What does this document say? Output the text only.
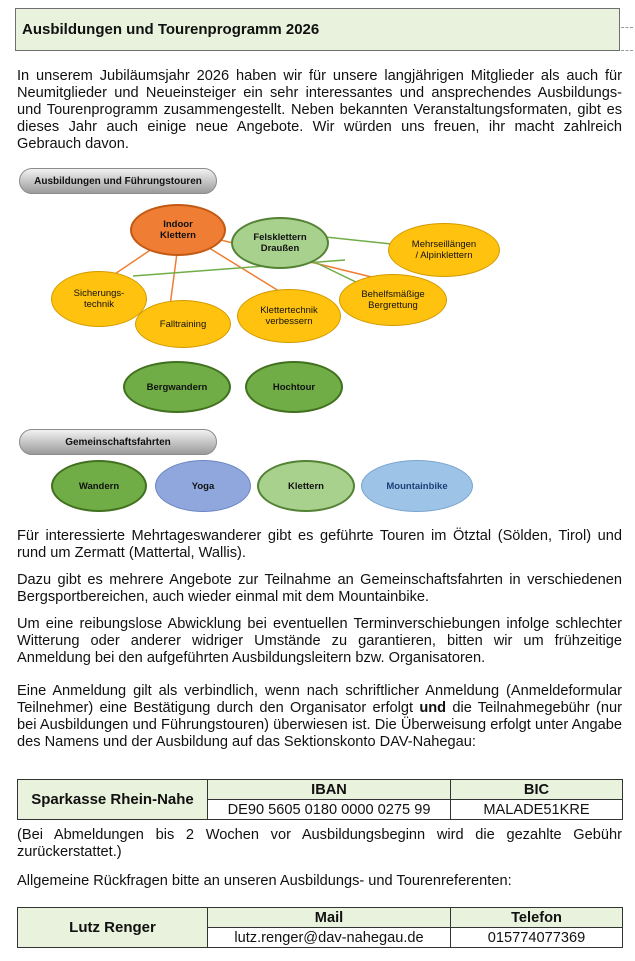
Ausbildungen und Tourenprogramm 2026

In unserem Jubiläumsjahr 2026 haben wir für unsere langjährigen Mitglieder als auch für Neumitglieder und Neueinsteiger ein sehr interessantes und ansprechendes Ausbildungs- und Tourenprogramm zusammengestellt. Neben bekannten Veranstaltungsformaten, gibt es dieses Jahr auch einige neue Angebote. Wir würden uns freuen, ihr macht zahlreich Gebrauch davon.

Ausbildungen und Führungstouren
Indoor
Klettern	Felsklettern
Draußen	Mehrseillängen
/ Alpinklettern
Sicherungs-
technik
Falltraining
Klettertechnik
verbessern
Behelfsmäßige
Bergrettung
Bergwandern	Hochtour
Gemeinschaftsfahrten
Wandern	Yoga	Klettern	Mountainbike

Für interessierte Mehrtageswanderer gibt es geführte Touren im Ötztal (Sölden, Tirol) und rund um Zermatt (Mattertal, Wallis).

Dazu gibt es mehrere Angebote zur Teilnahme an Gemeinschaftsfahrten in verschiedenen Bergsportbereichen, auch wieder einmal mit dem Mountainbike.

Um eine reibungslose Abwicklung bei eventuellen Terminverschiebungen infolge schlechter Witterung oder anderer widriger Umstände zu garantieren, bitten wir um frühzeitige Anmeldung bei den aufgeführten Ausbildungsleitern bzw. Organisatoren.

Eine Anmeldung gilt als verbindlich, wenn nach schriftlicher Anmeldung (Anmeldeformular Teilnehmer) eine Bestätigung durch den Organisator erfolgt und die Teilnahmegebühr (nur bei Ausbildungen und Führungstouren) überwiesen ist. Die Überweisung erfolgt unter Angabe des Namens und der Ausbildung auf das Sektionskonto DAV-Nahegau:

Sparkasse Rhein-Nahe	IBAN	BIC
	DE90 5605 0180 0000 0275 99	MALADE51KRE

(Bei Abmeldungen bis 2 Wochen vor Ausbildungsbeginn wird die gezahlte Gebühr zurückerstattet.)

Allgemeine Rückfragen bitte an unseren Ausbildungs- und Tourenreferenten:

Lutz Renger	Mail	Telefon
	lutz.renger@dav-nahegau.de	015774077369
